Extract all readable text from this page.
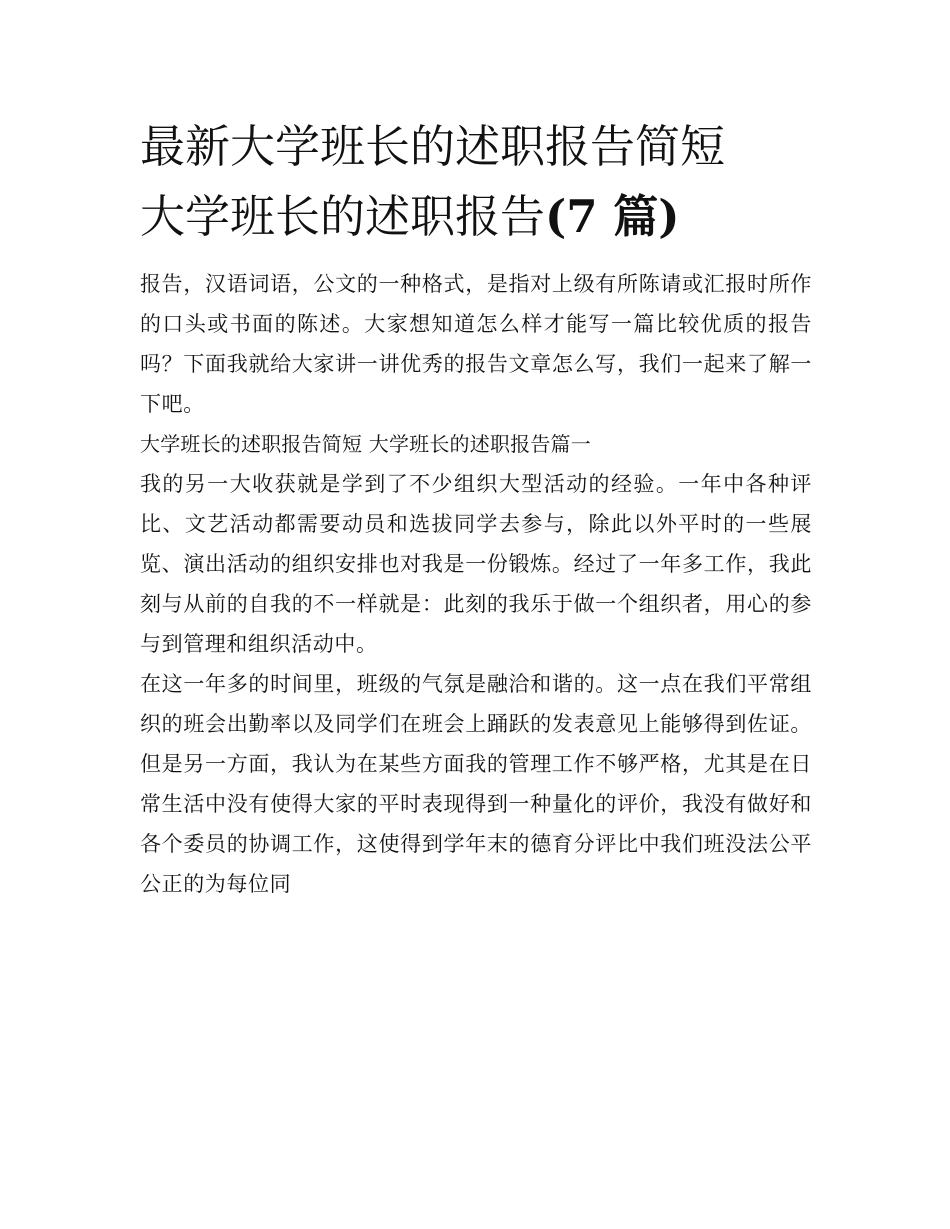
最新大学班长的述职报告简短
大学班长的述职报告(7 篇)

报告，汉语词语，公文的一种格式，是指对上级有所陈请或汇报时所作的口头或书面的陈述。大家想知道怎么样才能写一篇比较优质的报告吗？下面我就给大家讲一讲优秀的报告文章怎么写，我们一起来了解一下吧。

大学班长的述职报告简短 大学班长的述职报告篇一

我的另一大收获就是学到了不少组织大型活动的经验。一年中各种评比、文艺活动都需要动员和选拔同学去参与，除此以外平时的一些展览、演出活动的组织安排也对我是一份锻炼。经过了一年多工作，我此刻与从前的自我的不一样就是：此刻的我乐于做一个组织者，用心的参与到管理和组织活动中。

在这一年多的时间里，班级的气氛是融洽和谐的。这一点在我们平常组织的班会出勤率以及同学们在班会上踊跃的发表意见上能够得到佐证。但是另一方面，我认为在某些方面我的管理工作不够严格，尤其是在日常生活中没有使得大家的平时表现得到一种量化的评价，我没有做好和各个委员的协调工作，这使得到学年末的德育分评比中我们班没法公平公正的为每位同
